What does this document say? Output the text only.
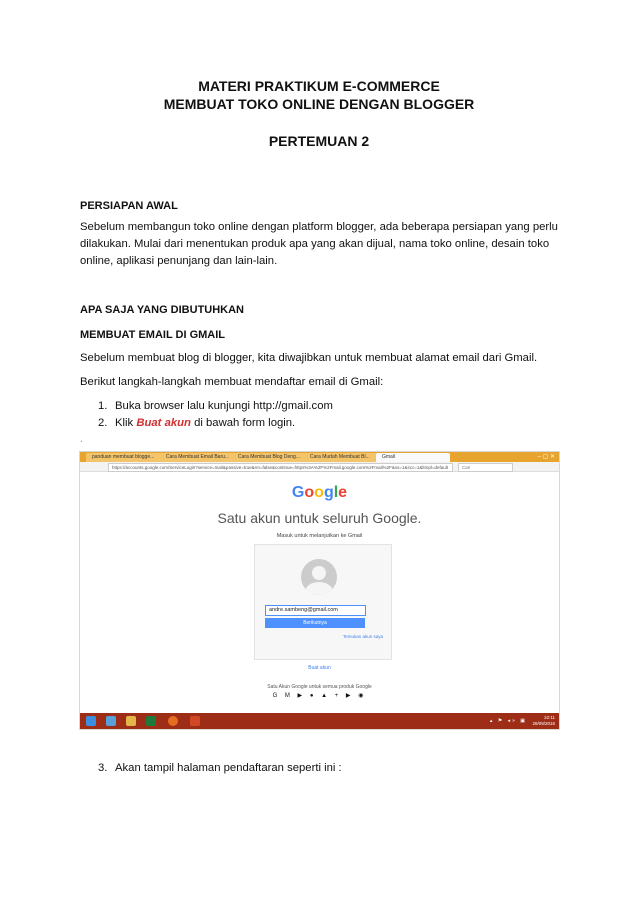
MATERI PRAKTIKUM E-COMMERCE
MEMBUAT TOKO ONLINE DENGAN BLOGGER
PERTEMUAN 2
PERSIAPAN AWAL
Sebelum membangun toko online dengan platform blogger, ada beberapa persiapan yang perlu dilakukan. Mulai dari menentukan produk apa yang akan dijual, nama toko online, desain toko online, aplikasi penunjang dan lain-lain.
APA SAJA YANG DIBUTUHKAN
MEMBUAT EMAIL DI GMAIL
Sebelum membuat blog di blogger, kita diwajibkan untuk membuat alamat email dari Gmail.
Berikut langkah-langkah membuat mendaftar email di Gmail:
1. Buka browser lalu kunjungi http://gmail.com
2. Klik Buat akun di bawah form login.
ˊ
panduan membuat blogge...	Cara Membuat Email Baru...	Cara Membuat Blog Deng...	Cara Mudah Membuat Bl...	Gmail	‒ ▢ ✕
https://accounts.google.com/ServiceLogin?service=mail&passive=true&rm=false&continue=https%3A%2F%2Fmail.google.com%2Fmail%2F&ss=1&scc=1&ltmpl=default	Cari
Google
Satu akun untuk seluruh Google.
Masuk untuk melanjutkan ke Gmail
andre.sambeng@gmail.com
Berikutnya
Temukan akun saya
Buat akun
Satu Akun Google untuk semua produk Google
G M ▶ ● ▲ + ▶ ◉
▴ ⚑ ◂» ▣
22:11
28/09/2016
3. Akan tampil halaman pendaftaran seperti ini :
